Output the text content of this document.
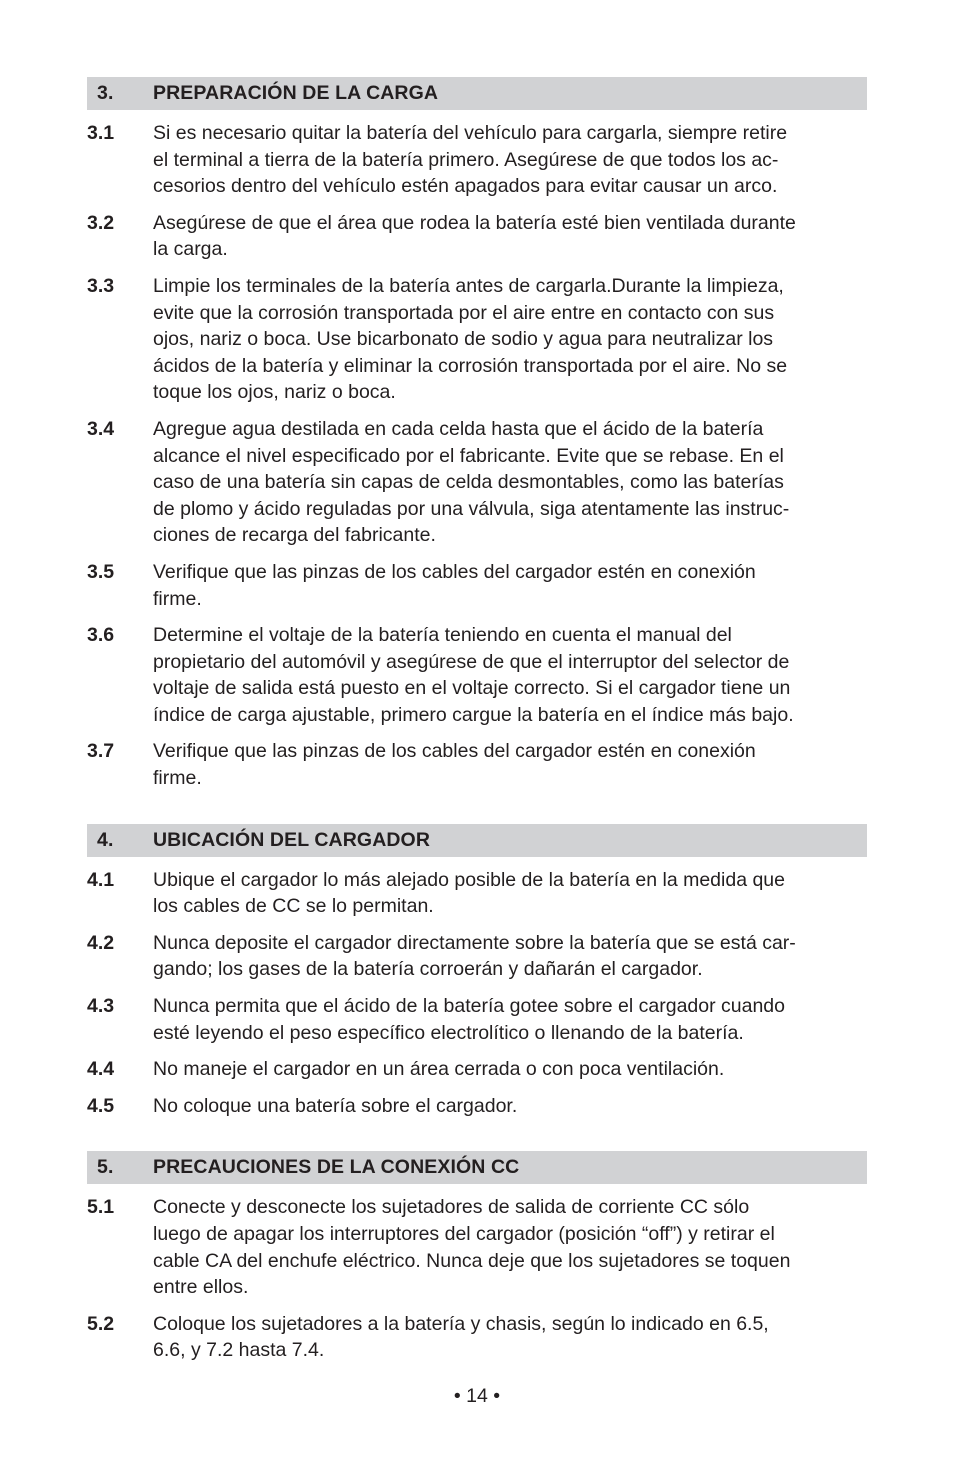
3.	PREPARACIÓN DE LA CARGA
3.1	Si es necesario quitar la batería del vehículo para cargarla, siempre retire
el terminal a tierra de la batería primero. Asegúrese de que todos los ac-
cesorios dentro del vehículo estén apagados para evitar causar un arco.
3.2	Asegúrese de que el área que rodea la batería esté bien ventilada durante
la carga.
3.3	Limpie los terminales de la batería antes de cargarla.Durante la limpieza,
evite que la corrosión transportada por el aire entre en contacto con sus
ojos, nariz o boca. Use bicarbonato de sodio y agua para neutralizar los
ácidos de la batería y eliminar la corrosión transportada por el aire. No se
toque los ojos, nariz o boca.
3.4	Agregue agua destilada en cada celda hasta que el ácido de la batería
alcance el nivel especificado por el fabricante. Evite que se rebase. En el
caso de una batería sin capas de celda desmontables, como las baterías
de plomo y ácido reguladas por una válvula, siga atentamente las instruc-
ciones de recarga del fabricante.
3.5	Verifique que las pinzas de los cables del cargador estén en conexión
firme.
3.6	Determine el voltaje de la batería teniendo en cuenta el manual del
propietario del automóvil y asegúrese de que el interruptor del selector de
voltaje de salida está puesto en el voltaje correcto. Si el cargador tiene un
índice de carga ajustable, primero cargue la batería en el índice más bajo.
3.7	Verifique que las pinzas de los cables del cargador estén en conexión
firme.
4.	UBICACIÓN DEL CARGADOR
4.1	Ubique el cargador lo más alejado posible de la batería en la medida que
los cables de CC se lo permitan.
4.2	Nunca deposite el cargador directamente sobre la batería que se está car-
gando; los gases de la batería corroerán y dañarán el cargador.
4.3	Nunca permita que el ácido de la batería gotee sobre el cargador cuando
esté leyendo el peso específico electrolítico o llenando de la batería.
4.4	No maneje el cargador en un área cerrada o con poca ventilación.
4.5	No coloque una batería sobre el cargador.
5.	PRECAUCIONES DE LA CONEXIÓN CC
5.1	Conecte y desconecte los sujetadores de salida de corriente CC sólo
luego de apagar los interruptores del cargador (posición “off”) y retirar el
cable CA del enchufe eléctrico. Nunca deje que los sujetadores se toquen
entre ellos.
5.2	Coloque los sujetadores a la batería y chasis, según lo indicado en 6.5,
6.6, y 7.2 hasta 7.4.
• 14 •
